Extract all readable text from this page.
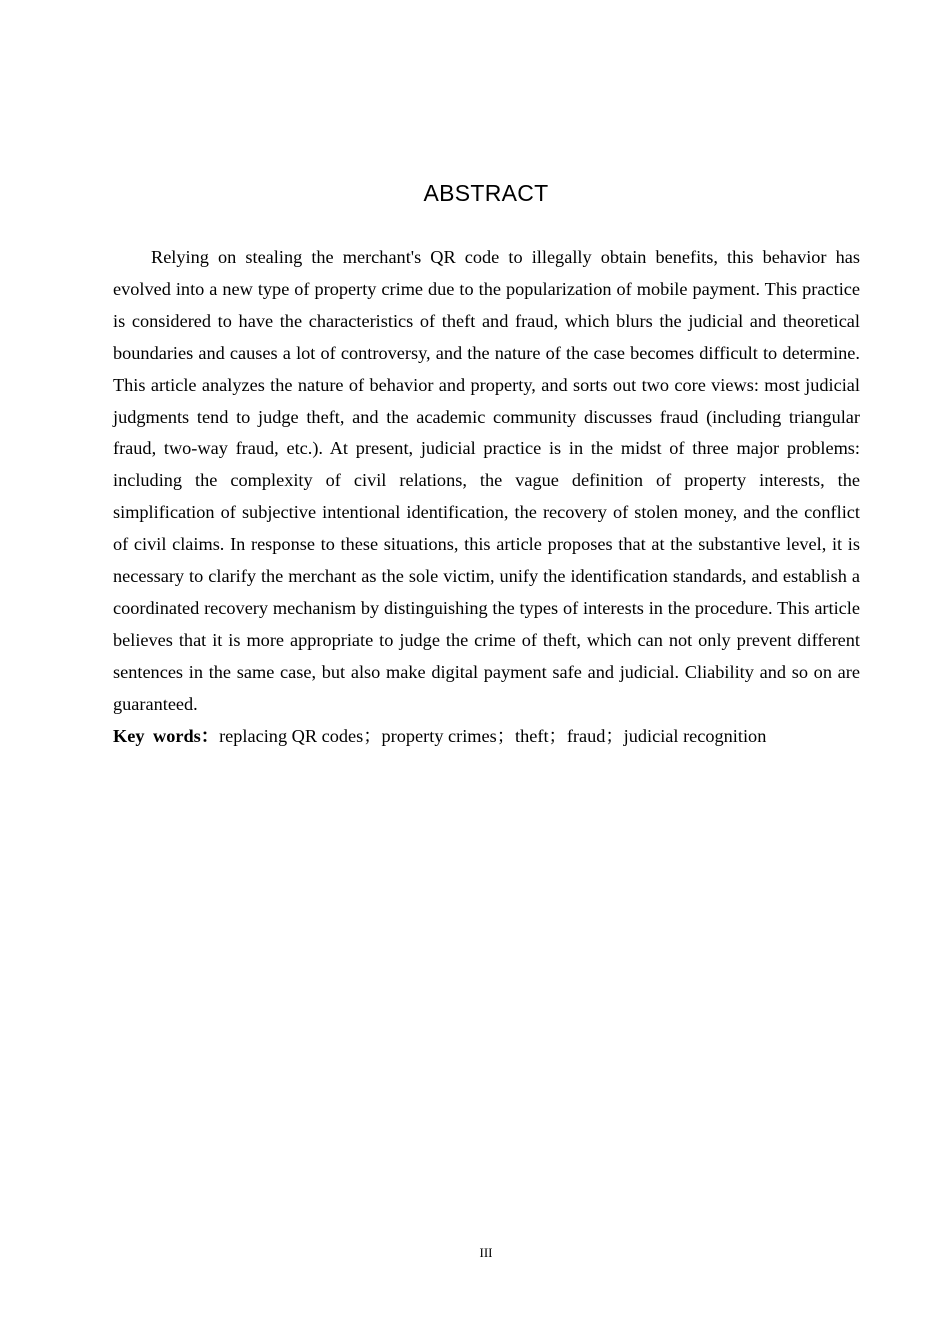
ABSTRACT

Relying on stealing the merchant's QR code to illegally obtain benefits, this behavior has evolved into a new type of property crime due to the popularization of mobile payment. This practice is considered to have the characteristics of theft and fraud, which blurs the judicial and theoretical boundaries and causes a lot of controversy, and the nature of the case becomes difficult to determine. This article analyzes the nature of behavior and property, and sorts out two core views: most judicial judgments tend to judge theft, and the academic community discusses fraud (including triangular fraud, two-way fraud, etc.). At present, judicial practice is in the midst of three major problems: including the complexity of civil relations, the vague definition of property interests, the simplification of subjective intentional identification, the recovery of stolen money, and the conflict of civil claims. In response to these situations, this article proposes that at the substantive level, it is necessary to clarify the merchant as the sole victim, unify the identification standards, and establish a coordinated recovery mechanism by distinguishing the types of interests in the procedure. This article believes that it is more appropriate to judge the crime of theft, which can not only prevent different sentences in the same case, but also make digital payment safe and judicial. Cliability and so on are guaranteed.

Key words：replacing QR codes；property crimes；theft；fraud；judicial recognition

III
